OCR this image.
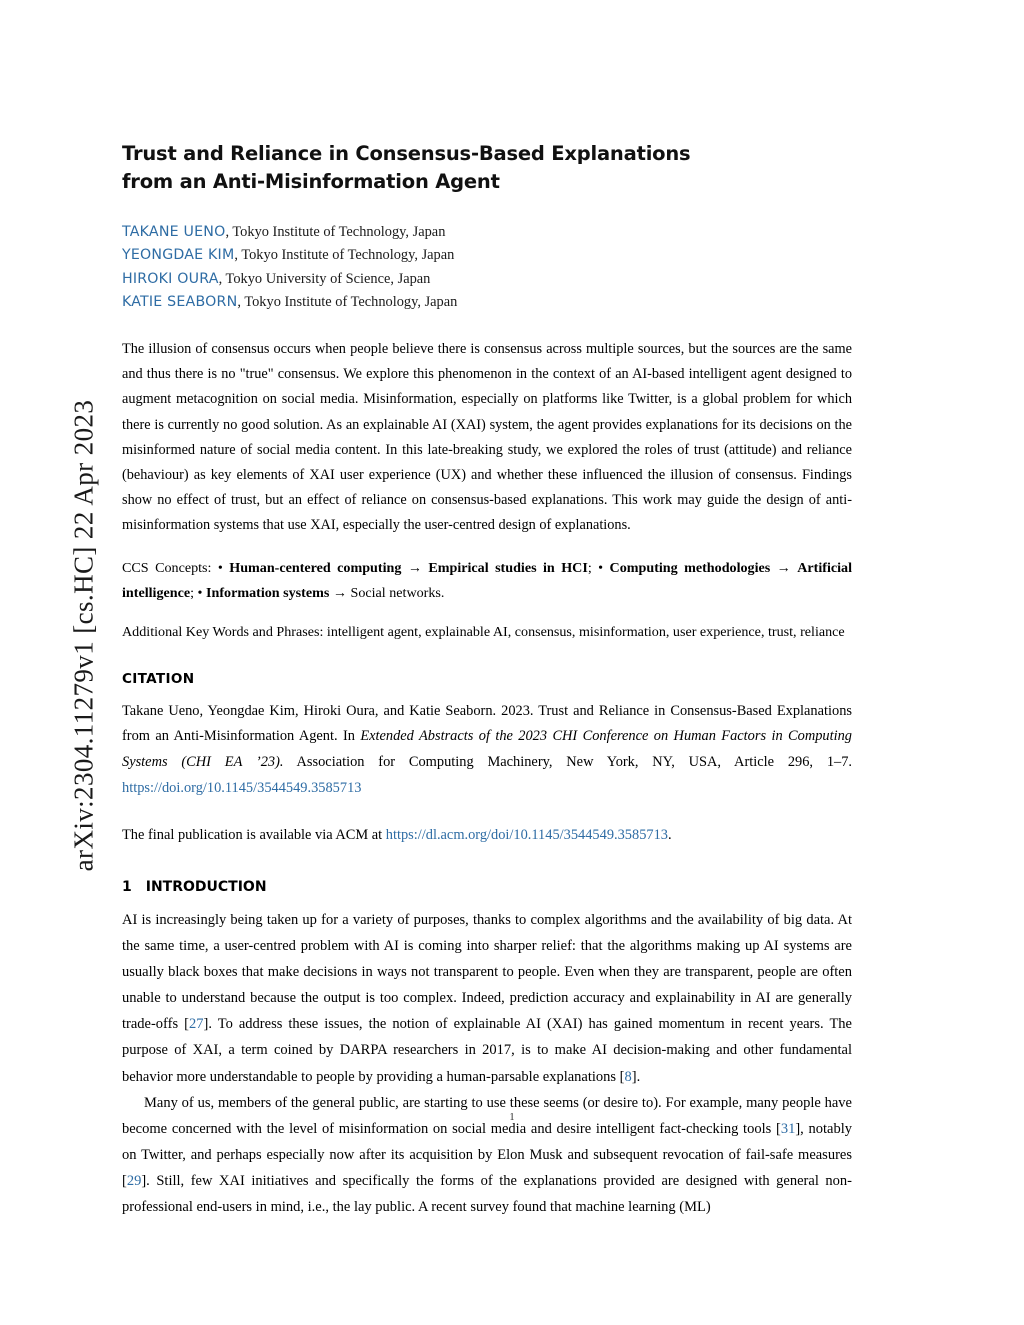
arXiv:2304.11279v1 [cs.HC] 22 Apr 2023
Trust and Reliance in Consensus-Based Explanations from an Anti-Misinformation Agent
TAKANE UENO, Tokyo Institute of Technology, Japan
YEONGDAE KIM, Tokyo Institute of Technology, Japan
HIROKI OURA, Tokyo University of Science, Japan
KATIE SEABORN, Tokyo Institute of Technology, Japan
The illusion of consensus occurs when people believe there is consensus across multiple sources, but the sources are the same and thus there is no "true" consensus. We explore this phenomenon in the context of an AI-based intelligent agent designed to augment metacognition on social media. Misinformation, especially on platforms like Twitter, is a global problem for which there is currently no good solution. As an explainable AI (XAI) system, the agent provides explanations for its decisions on the misinformed nature of social media content. In this late-breaking study, we explored the roles of trust (attitude) and reliance (behaviour) as key elements of XAI user experience (UX) and whether these influenced the illusion of consensus. Findings show no effect of trust, but an effect of reliance on consensus-based explanations. This work may guide the design of anti-misinformation systems that use XAI, especially the user-centred design of explanations.
CCS Concepts: • Human-centered computing → Empirical studies in HCI; • Computing methodologies → Artificial intelligence; • Information systems → Social networks.
Additional Key Words and Phrases: intelligent agent, explainable AI, consensus, misinformation, user experience, trust, reliance
CITATION
Takane Ueno, Yeongdae Kim, Hiroki Oura, and Katie Seaborn. 2023. Trust and Reliance in Consensus-Based Explanations from an Anti-Misinformation Agent. In Extended Abstracts of the 2023 CHI Conference on Human Factors in Computing Systems (CHI EA ’23). Association for Computing Machinery, New York, NY, USA, Article 296, 1–7. https://doi.org/10.1145/3544549.3585713
The final publication is available via ACM at https://dl.acm.org/doi/10.1145/3544549.3585713.
1 INTRODUCTION

AI is increasingly being taken up for a variety of purposes, thanks to complex algorithms and the availability of big data. At the same time, a user-centred problem with AI is coming into sharper relief: that the algorithms making up AI systems are usually black boxes that make decisions in ways not transparent to people. Even when they are transparent, people are often unable to understand because the output is too complex. Indeed, prediction accuracy and explainability in AI are generally trade-offs [27]. To address these issues, the notion of explainable AI (XAI) has gained momentum in recent years. The purpose of XAI, a term coined by DARPA researchers in 2017, is to make AI decision-making and other fundamental behavior more understandable to people by providing a human-parsable explanations [8].

Many of us, members of the general public, are starting to use these seems (or desire to). For example, many people have become concerned with the level of misinformation on social media and desire intelligent fact-checking tools [31], notably on Twitter, and perhaps especially now after its acquisition by Elon Musk and subsequent revocation of fail-safe measures [29]. Still, few XAI initiatives and specifically the forms of the explanations provided are designed with general non-professional end-users in mind, i.e., the lay public. A recent survey found that machine learning (ML)

1
